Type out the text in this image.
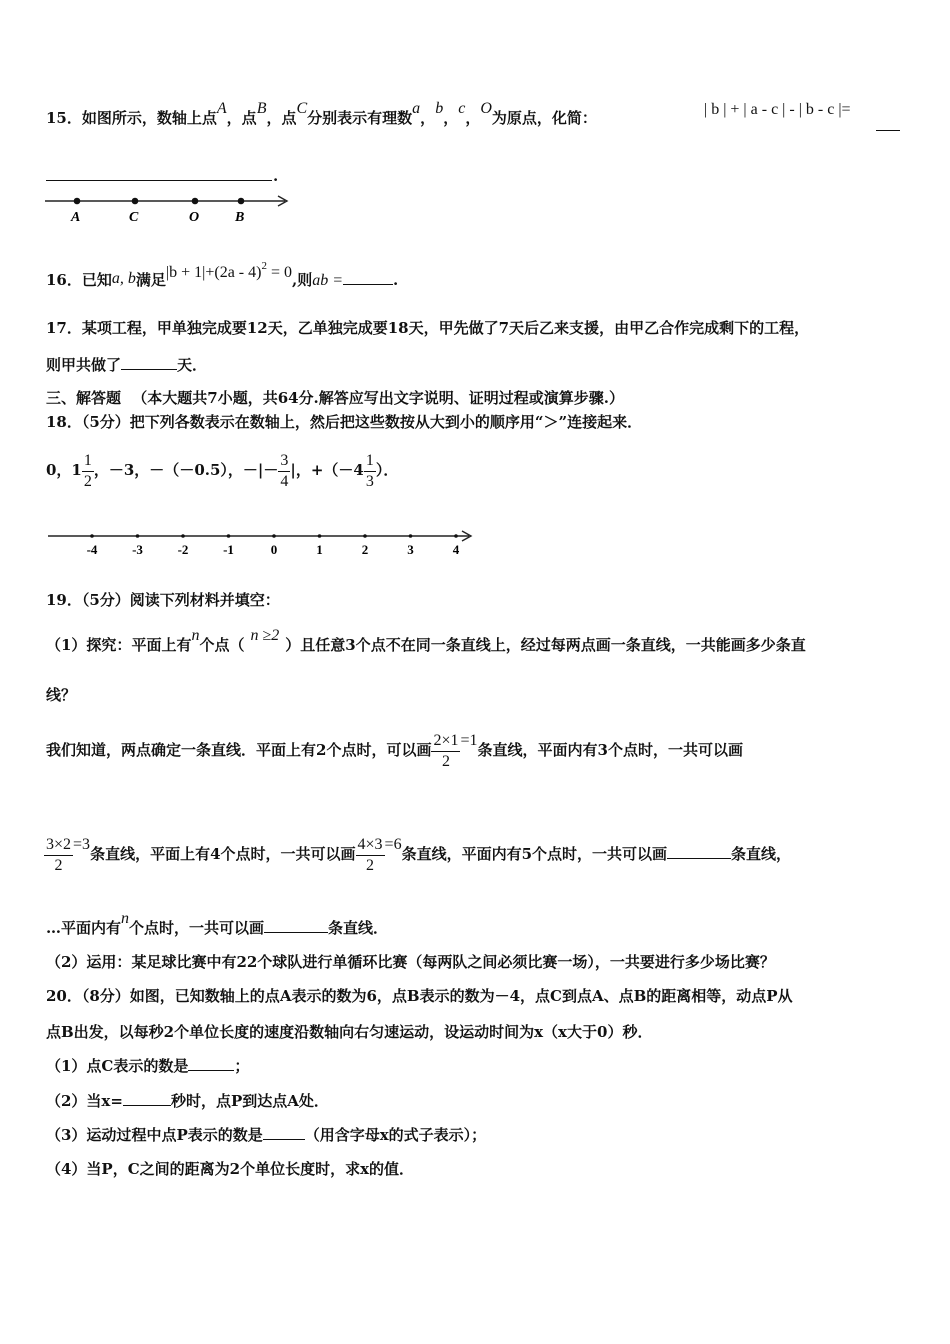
15．如图所示，数轴上点A，点B，点C分别表示有理数a，b，c，O为原点，化简：	| b | + | a - c | - | b - c |=
.
A	C	O	B
16．已知a, b满足|b + 1|+(2a - 4)$^2$ = 0,则ab =	.
17．某项工程，甲单独完成要12天，乙单独完成要18天，甲先做了7天后乙来支援，由甲乙合作完成剩下的工程，
则甲共做了	天．
三、解答题 （本大题共7小题，共64分.解答应写出文字说明、证明过程或演算步骤.）
18．（5分）把下列各数表示在数轴上，然后把这些数按从大到小的顺序用“＞”连接起来．
0，$1 \frac{1}{2}$ ，－3，－（－0.5），－|－ $\frac{3}{4}$ |，$+(-4 \frac{1}{3}$ ）．
-4	-3	-2	-1	0	1	2	3	4
19．（5分）阅读下列材料并填空：
（1）探究：平面上有n个点（n ≥2）且任意3个点不在同一条直线上，经过每两点画一条直线，一共能画多少条直
线？
我们知道，两点确定一条直线．平面上有2个点时，可以画 $\frac{2\times 1}{2} =1$条直线，平面内有3个点时，一共可以画
$\frac{3\times 2}{2} =3$条直线，平面上有4个点时，一共可以画 $\frac{4\times 3}{2} =6$条直线，平面内有5个点时，一共可以画	条直线，
…平面内有n个点时，一共可以画	条直线．
（2）运用：某足球比赛中有22个球队进行单循环比赛（每两队之间必须比赛一场），一共要进行多少场比赛？
20．（8分）如图，已知数轴上的点A表示的数为6，点B表示的数为－4，点C到点A、点B的距离相等，动点P从
点B出发，以每秒2个单位长度的速度沿数轴向右匀速运动，设运动时间为x（x大于0）秒．
（1）点C表示的数是	；
（2）当x=	秒时，点P到达点A处．
（3）运动过程中点P表示的数是	（用含字母x的式子表示）；
（4）当P，C之间的距离为2个单位长度时，求x的值．
